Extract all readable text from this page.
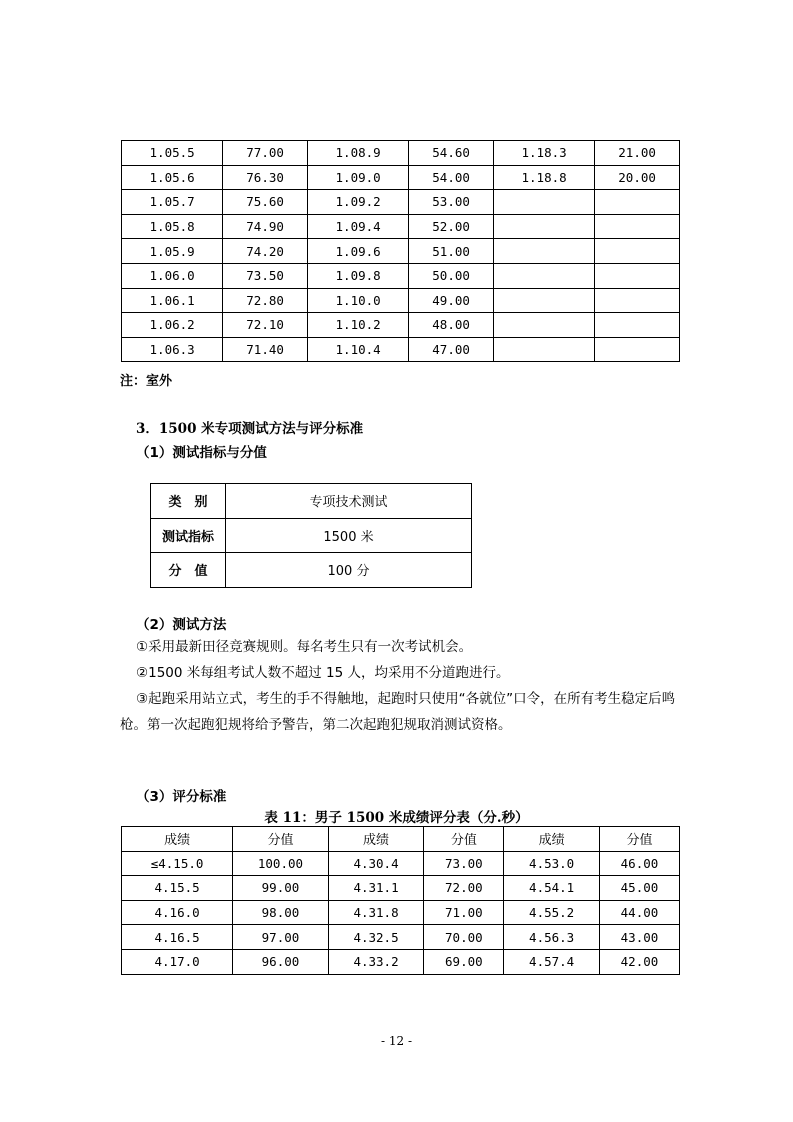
1.05.5	77.00	1.08.9	54.60	1.18.3	21.00
1.05.6	76.30	1.09.0	54.00	1.18.8	20.00
1.05.7	75.60	1.09.2	53.00		
1.05.8	74.90	1.09.4	52.00		
1.05.9	74.20	1.09.6	51.00		
1.06.0	73.50	1.09.8	50.00		
1.06.1	72.80	1.10.0	49.00		
1.06.2	72.10	1.10.2	48.00		
1.06.3	71.40	1.10.4	47.00		
注：室外
3．1500 米专项测试方法与评分标准
（1）测试指标与分值
类　别	专项技术测试
测试指标	1500 米
分　值	100 分
（2）测试方法
①采用最新田径竞赛规则。每名考生只有一次考试机会。
②1500 米每组考试人数不超过 15 人，均采用不分道跑进行。
③起跑采用站立式，考生的手不得触地，起跑时只使用“各就位”口令，在所有考生稳定后鸣枪。第一次起跑犯规将给予警告，第二次起跑犯规取消测试资格。
（3）评分标准
表 11：男子 1500 米成绩评分表（分.秒）
成绩	分值	成绩	分值	成绩	分值
≤4.15.0	100.00	4.30.4	73.00	4.53.0	46.00
4.15.5	99.00	4.31.1	72.00	4.54.1	45.00
4.16.0	98.00	4.31.8	71.00	4.55.2	44.00
4.16.5	97.00	4.32.5	70.00	4.56.3	43.00
4.17.0	96.00	4.33.2	69.00	4.57.4	42.00
- 12 -
